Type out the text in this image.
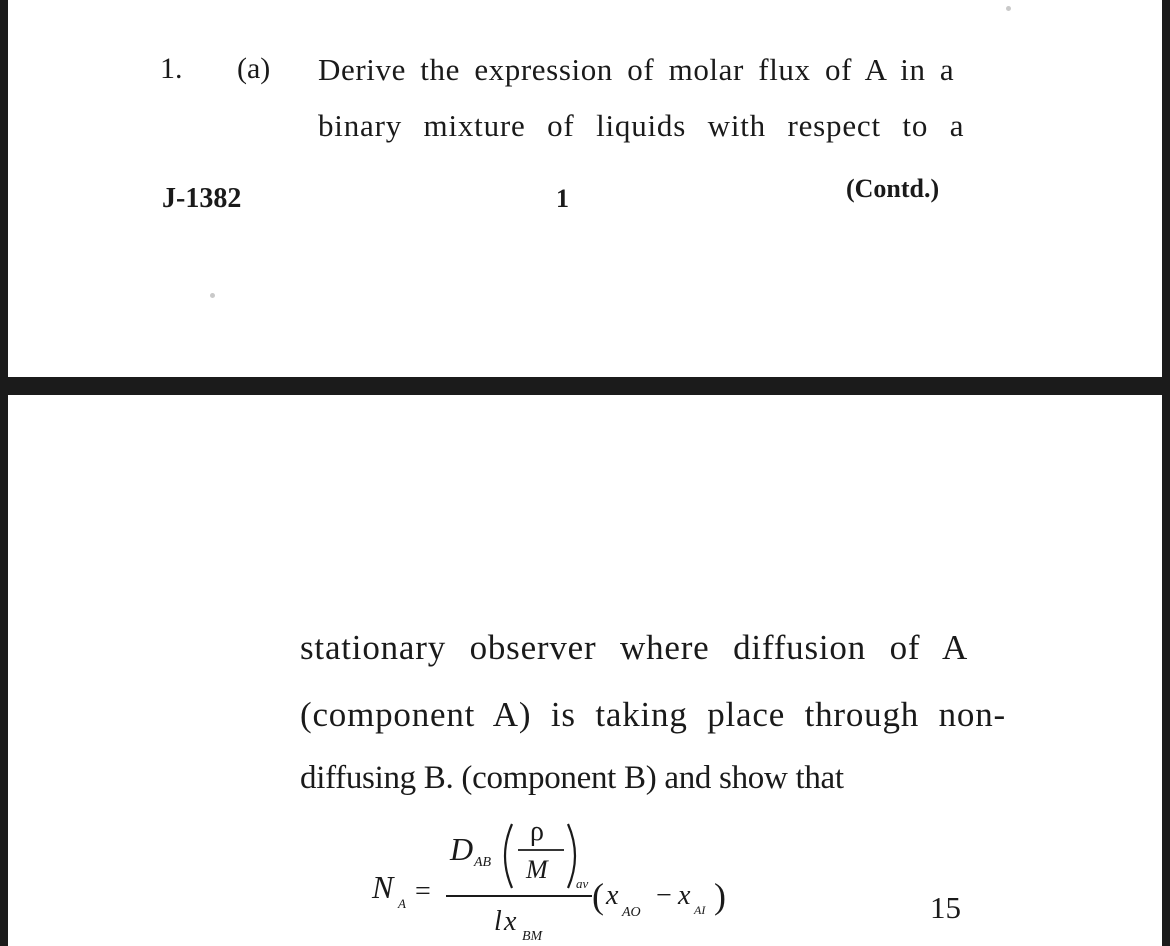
1. (a) Derive the expression of molar flux of A in a
binary mixture of liquids with respect to a
J-1382	1	(Contd.)
stationary observer where diffusion of A
(component A) is taking place through non-
diffusing B. (component B) and show that
N A =
D AB
ρ
M av
l x BM
( x
AO
− x AI )	15
